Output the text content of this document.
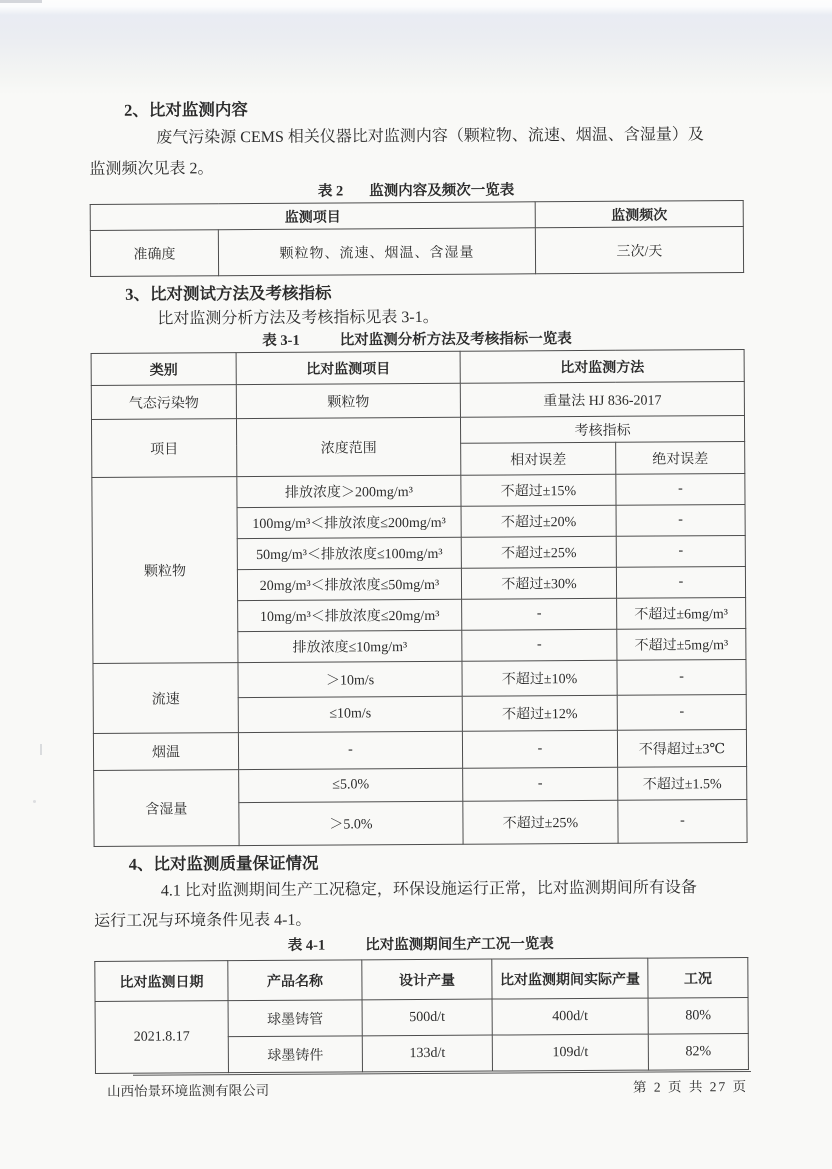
2、比对监测内容
废气污染源 CEMS 相关仪器比对监测内容（颗粒物、流速、烟温、含湿量）及
监测频次见表 2。
表 2 监测内容及频次一览表
监测项目		监测频次
准确度	颗粒物、流速、烟温、含湿量	三次/天
3、比对测试方法及考核指标
比对监测分析方法及考核指标见表 3-1。
表 3-1	比对监测分析方法及考核指标一览表
类别	比对监测项目	比对监测方法	
气态污染物	颗粒物	重量法 HJ 836-2017	
项目	浓度范围	考核指标	
		相对误差	绝对误差
颗粒物	排放浓度＞200mg/m³	不超过±15%	-
	100mg/m³＜排放浓度≤200mg/m³	不超过±20%	-
	50mg/m³＜排放浓度≤100mg/m³	不超过±25%	-
	20mg/m³＜排放浓度≤50mg/m³	不超过±30%	-
	10mg/m³＜排放浓度≤20mg/m³	-	不超过±6mg/m³
	排放浓度≤10mg/m³	-	不超过±5mg/m³
流速	＞10m/s	不超过±10%	-
	≤10m/s	不超过±12%	-
烟温	-	-	不得超过±3℃
含湿量	≤5.0%	-	不超过±1.5%
	＞5.0%	不超过±25%	-
4、比对监测质量保证情况
4.1 比对监测期间生产工况稳定，环保设施运行正常，比对监测期间所有设备
运行工况与环境条件见表 4-1。
表 4-1	比对监测期间生产工况一览表
比对监测日期	产品名称	设计产量	比对监测期间实际产量	工况
2021.8.17	球墨铸管	500d/t	400d/t	80%
	球墨铸件	133d/t	109d/t	82%
山西怡景环境监测有限公司	第 2 页 共 27 页
